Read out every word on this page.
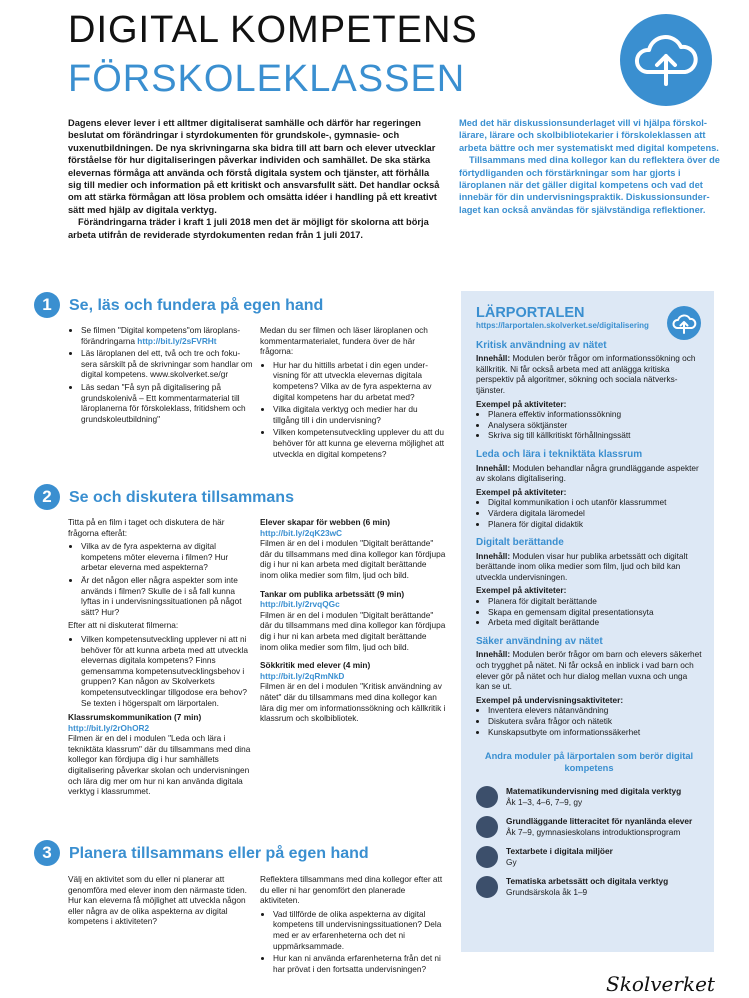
DIGITAL KOMPETENS
FÖRSKOLEKLASSEN

Dagens elever lever i ett alltmer digitaliserat samhälle och därför har regeringen beslutat om förändringar i styrdokumenten för grundskole-, gymnasie- och vuxenutbildningen. De nya skrivningarna ska bidra till att barn och elever utvecklar förståelse för hur digitaliseringen påverkar individen och samhället. De ska stärka elevernas förmåga att använda och förstå digitala system och tjänster, att förhålla sig till medier och information på ett kritiskt och ansvarsfullt sätt. Det handlar också om att stärka förmågan att lösa problem och omsätta idéer i handling på ett kreativt sätt med hjälp av digitala verktyg.

Förändringarna träder i kraft 1 juli 2018 men det är möjligt för skolorna att börja arbeta utifrån de reviderade styrdokumenten redan från 1 juli 2017.

Med det här diskussionsunderlaget vill vi hjälpa förskollärare, lärare och skolbibliotekarier i förskoleklassen att arbeta bättre och mer systematiskt med digital kompetens.

Tillsammans med dina kollegor kan du reflektera över de förtydliganden och förstärkningar som har gjorts i läroplanen när det gäller digital kompetens och vad det innebär för din undervisningspraktik. Diskussionsunderlaget kan också användas för självständiga reflektioner.

1	Se, läs och fundera på egen hand
• Se filmen "Digital kompetens"om läroplansförändringarna http://bit.ly/2sFVRHt
• Läs läroplanen del ett, två och tre och fokusera särskilt på de skrivningar som handlar om digital kompetens. www.skolverket.se/gr
• Läs sedan "Få syn på digitalisering på grundskolenivå – Ett kommentarmaterial till läroplanerna för förskoleklass, fritidshem och grundskoleutbildning"

Medan du ser filmen och läser läroplanen och kommentarmaterialet, fundera över de här frågorna:

• Hur har du hittills arbetat i din egen undervisning för att utveckla elevernas digitala kompetens? Vilka av de fyra aspekterna av digital kompetens har du arbetat med?
• Vilka digitala verktyg och medier har du tillgång till i din undervisning?
• Vilken kompetensutveckling upplever du att du behöver för att kunna ge eleverna möjlighet att utveckla en digital kompetens?
2	Se och diskutera tillsammans

Titta på en film i taget och diskutera de här frågorna efteråt:

• Vilka av de fyra aspekterna av digital kompetens möter eleverna i filmen? Hur arbetar eleverna med aspekterna?
• Är det någon eller några aspekter som inte används i filmen? Skulle de i så fall kunna lyftas in i undervisningssituationen på något sätt? Hur?

Efter att ni diskuterat filmerna:

• Vilken kompetensutveckling upplever ni att ni behöver för att kunna arbeta med att utveckla elevernas digitala kompetens? Finns gemensamma kompetensutvecklingsbehov i gruppen? Kan någon av Skolverkets kompetensutvecklingar tillgodose era behov? Se texten i högerspalt om lärportalen.

Klassrumskommunikation (7 min)

http://bit.ly/2rOhOR2

Filmen är en del i modulen "Leda och lära i tekniktäta klassrum" där du tillsammans med dina kollegor kan fördjupa dig i hur samhällets digitalisering påverkar skolan och undervisningen och lära dig mer om hur ni kan använda digitala verktyg i klassrummet.

Elever skapar för webben (6 min)

http://bit.ly/2qK23wC

Filmen är en del i modulen "Digitalt berättande" där du tillsammans med dina kollegor kan fördjupa dig i hur ni kan arbeta med digitalt berättande inom olika medier som film, ljud och bild.

Tankar om publika arbetssätt (9 min)

http://bit.ly/2rvqQGc

Filmen är en del i modulen "Digitalt berättande" där du tillsammans med dina kollegor kan fördjupa dig i hur ni kan arbeta med digitalt berättande inom olika medier som film, ljud och bild.

Sökkritik med elever (4 min)

http://bit.ly/2qRmNkD

Filmen är en del i modulen "Kritisk användning av nätet" där du tillsammans med dina kollegor kan lära dig mer om informationssökning och källkritik i klassrum och skolbibliotek.

3	Planera tillsammans eller på egen hand

Välj en aktivitet som du eller ni planerar att genomföra med elever inom den närmaste tiden. Hur kan eleverna få möjlighet att utveckla någon eller några av de olika aspekterna av digital kompetens i aktiviteten?

Reflektera tillsammans med dina kollegor efter att du eller ni har genomfört den planerade aktiviteten.

• Vad tillförde de olika aspekterna av digital kompetens till undervisningssituationen? Dela med er av erfarenheterna och det ni uppmärksammade.
• Hur kan ni använda erfarenheterna från det ni har prövat i den fortsatta undervisningen?
LÄRPORTALEN
https://larportalen.skolverket.se/digitalisering
Kritisk användning av nätet

Innehåll: Modulen berör frågor om informationssökning och källkritik. Ni får också arbeta med att anlägga kritiska perspektiv på algoritmer, sökning och sociala nätverkstjänster.

Exempel på aktiviteter:

• Planera effektiv informationssökning
• Analysera söktjänster
• Skriva sig till källkritiskt förhållningssätt
Leda och lära i tekniktäta klassrum

Innehåll: Modulen behandlar några grundläggande aspekter av skolans digitalisering.

Exempel på aktiviteter:

• Digital kommunikation i och utanför klassrummet
• Värdera digitala läromedel
• Planera för digital didaktik
Digitalt berättande

Innehåll: Modulen visar hur publika arbetssätt och digitalt berättande inom olika medier som film, ljud och bild kan utveckla undervisningen.

Exempel på aktiviteter:

• Planera för digitalt berättande
• Skapa en gemensam digital presentationsyta
• Arbeta med digitalt berättande
Säker användning av nätet

Innehåll: Modulen berör frågor om barn och elevers säkerhet och trygghet på nätet. Ni får också en inblick i vad barn och elever gör på nätet och hur dialog mellan vuxna och unga kan se ut.

Exempel på undervisningsaktiviteter:

• Inventera elevers nätanvändning
• Diskutera svåra frågor och nätetik
• Kunskapsutbyte om informationssäkerhet
Andra moduler på lärportalen som berör digital kompetens

Matematikundervisning med digitala verktyg

Åk 1–3, 4–6, 7–9, gy

Grundläggande litteracitet för nyanlända elever

Åk 7–9, gymnasieskolans introduktionsprogram

Textarbete i digitala miljöer

Gy

Tematiska arbetssätt och digitala verktyg

Grundsärskola åk 1–9

Skolverket
